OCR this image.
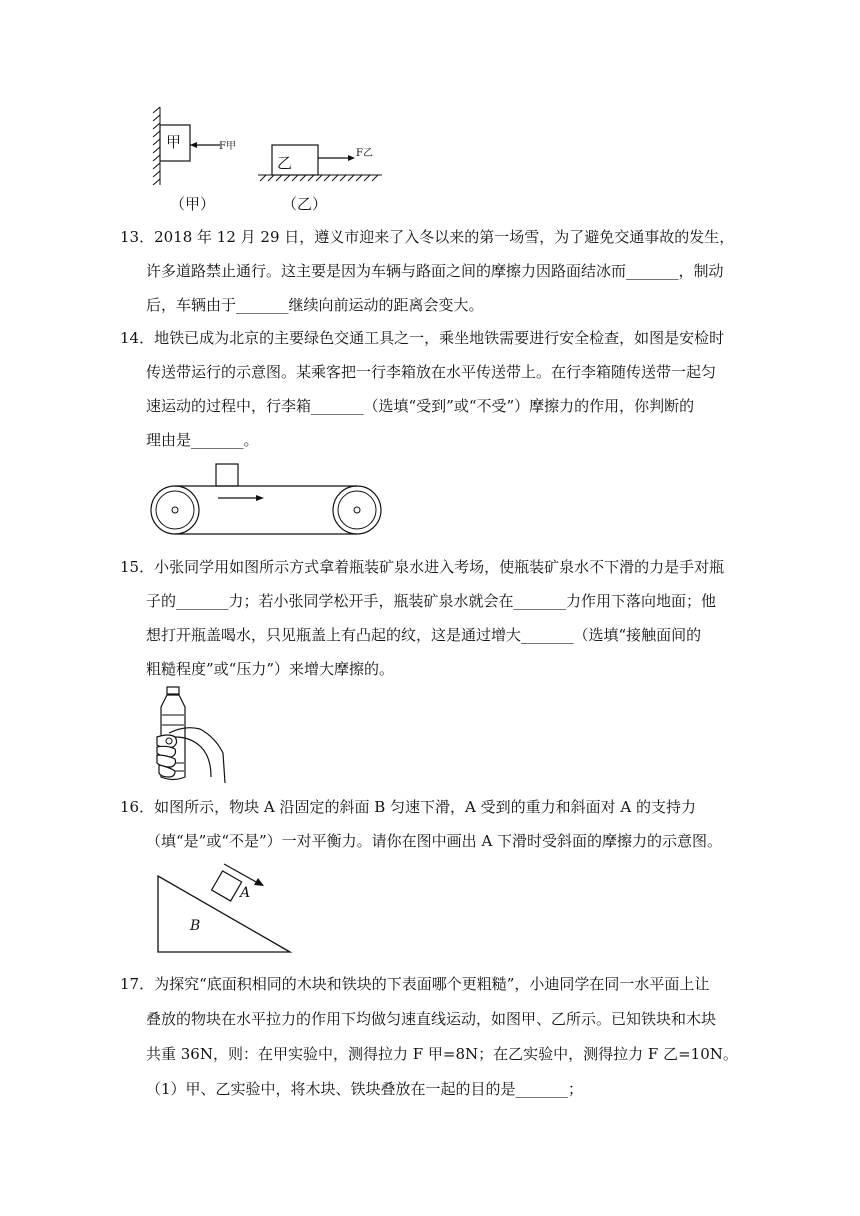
甲	F甲
乙
F乙
（甲）	（乙）
13．2018 年 12 月 29 日，遵义市迎来了入冬以来的第一场雪，为了避免交通事故的发生，
许多道路禁止通行。这主要是因为车辆与路面之间的摩擦力因路面结冰而_______，制动
后，车辆由于_______继续向前运动的距离会变大。
14．地铁已成为北京的主要绿色交通工具之一，乘坐地铁需要进行安全检查，如图是安检时
传送带运行的示意图。某乘客把一行李箱放在水平传送带上。在行李箱随传送带一起匀
速运动的过程中，行李箱_______（选填“受到”或“不受”）摩擦力的作用，你判断的
理由是_______。
15．小张同学用如图所示方式拿着瓶装矿泉水进入考场，使瓶装矿泉水不下滑的力是手对瓶
子的_______力；若小张同学松开手，瓶装矿泉水就会在_______力作用下落向地面；他
想打开瓶盖喝水，只见瓶盖上有凸起的纹，这是通过增大_______（选填“接触面间的
粗糙程度”或“压力”）来增大摩擦的。
16．如图所示，物块 A 沿固定的斜面 B 匀速下滑，A 受到的重力和斜面对 A 的支持力
（填“是”或“不是”）一对平衡力。请你在图中画出 A 下滑时受斜面的摩擦力的示意图。
A
B
17．为探究“底面积相同的木块和铁块的下表面哪个更粗糙”，小迪同学在同一水平面上让
叠放的物块在水平拉力的作用下均做匀速直线运动，如图甲、乙所示。已知铁块和木块
共重 36N，则：在甲实验中，测得拉力 F 甲=8N；在乙实验中，测得拉力 F 乙=10N。
（1）甲、乙实验中，将木块、铁块叠放在一起的目的是_______；
